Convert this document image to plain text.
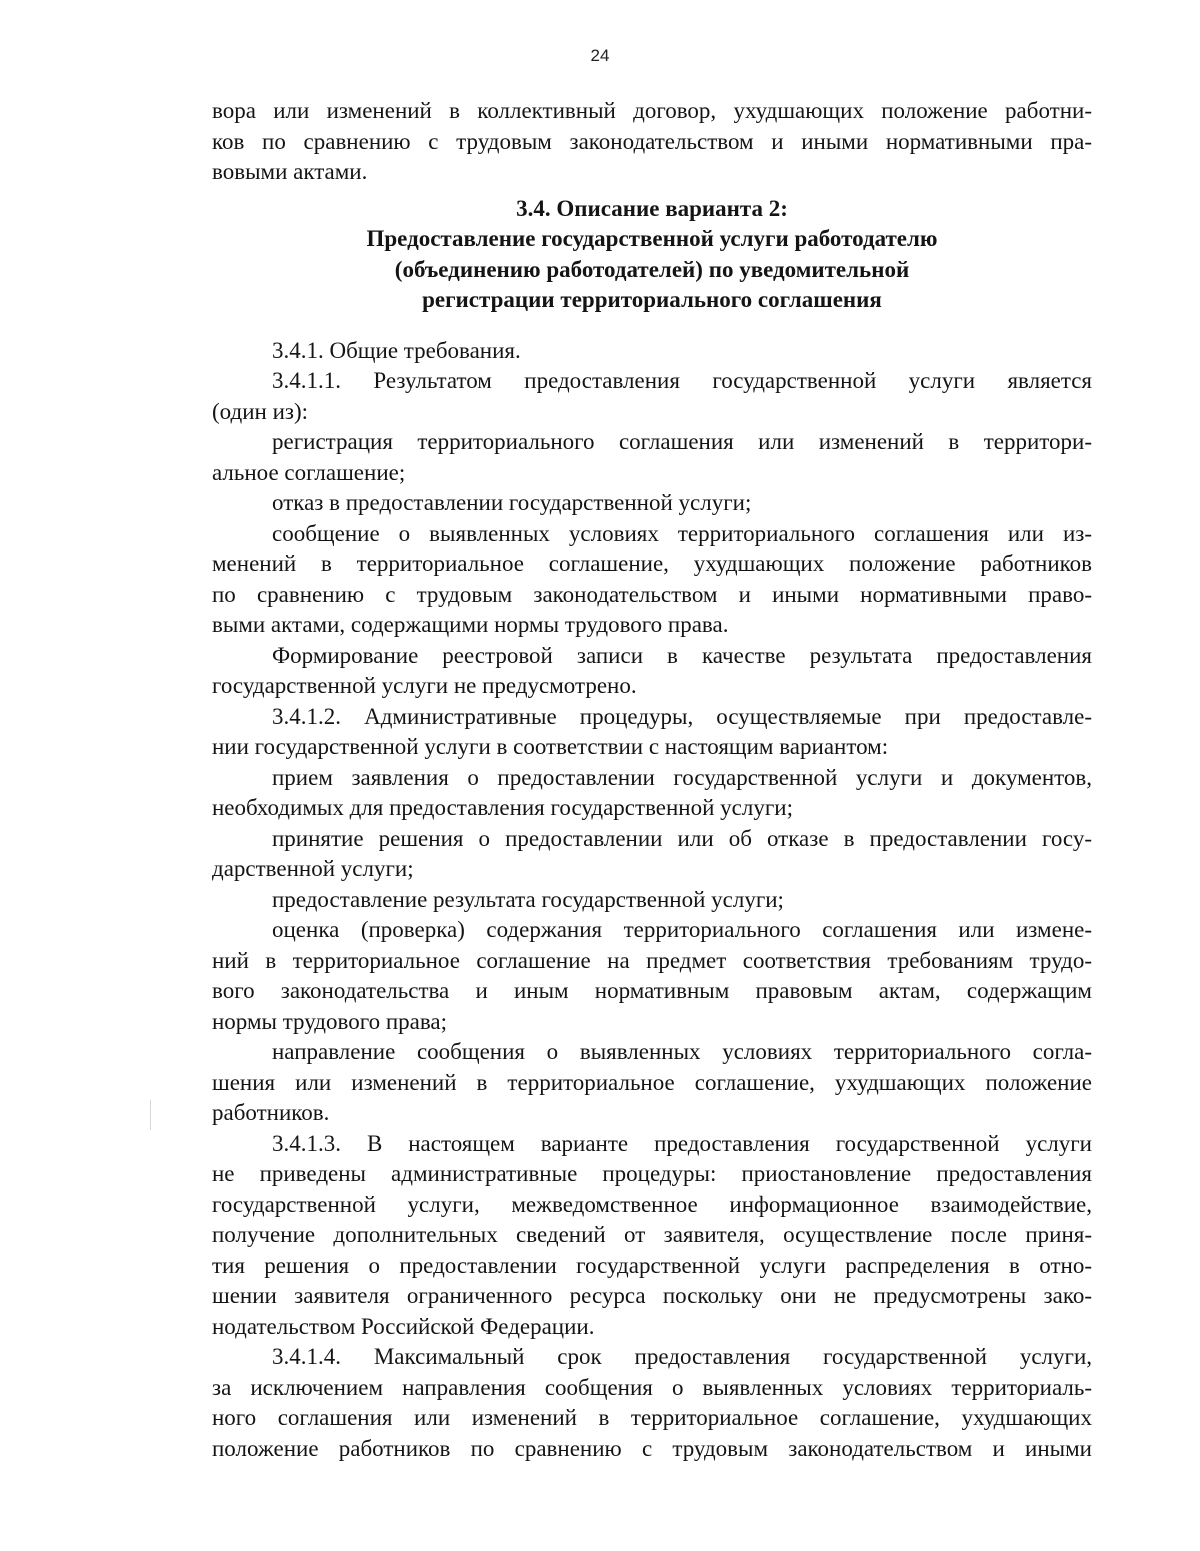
24

вора или изменений в коллективный договор, ухудшающих положение работни-

ков по сравнению с трудовым законодательством и иными нормативными пра-

вовыми актами.

3.4. Описание варианта 2:
Предоставление государственной услуги работодателю
(объединению работодателей) по уведомительной
регистрации территориального соглашения

3.4.1. Общие требования.

3.4.1.1. Результатом предоставления государственной услуги является

(один из):

регистрация территориального соглашения или изменений в территори-

альное соглашение;

отказ в предоставлении государственной услуги;

сообщение о выявленных условиях территориального соглашения или из-

менений в территориальное соглашение, ухудшающих положение работников

по сравнению с трудовым законодательством и иными нормативными право-

выми актами, содержащими нормы трудового права.

Формирование реестровой записи в качестве результата предоставления

государственной услуги не предусмотрено.

3.4.1.2. Административные процедуры, осуществляемые при предоставле-

нии государственной услуги в соответствии с настоящим вариантом:

прием заявления о предоставлении государственной услуги и документов,

необходимых для предоставления государственной услуги;

принятие решения о предоставлении или об отказе в предоставлении госу-

дарственной услуги;

предоставление результата государственной услуги;

оценка (проверка) содержания территориального соглашения или измене-

ний в территориальное соглашение на предмет соответствия требованиям трудо-

вого законодательства и иным нормативным правовым актам, содержащим

нормы трудового права;

направление сообщения о выявленных условиях территориального согла-

шения или изменений в территориальное соглашение, ухудшающих положение

работников.

3.4.1.3. В настоящем варианте предоставления государственной услуги

не приведены административные процедуры: приостановление предоставления

государственной услуги, межведомственное информационное взаимодействие,

получение дополнительных сведений от заявителя, осуществление после приня-

тия решения о предоставлении государственной услуги распределения в отно-

шении заявителя ограниченного ресурса поскольку они не предусмотрены зако-

нодательством Российской Федерации.

3.4.1.4. Максимальный срок предоставления государственной услуги,

за исключением направления сообщения о выявленных условиях территориаль-

ного соглашения или изменений в территориальное соглашение, ухудшающих

положение работников по сравнению с трудовым законодательством и иными
